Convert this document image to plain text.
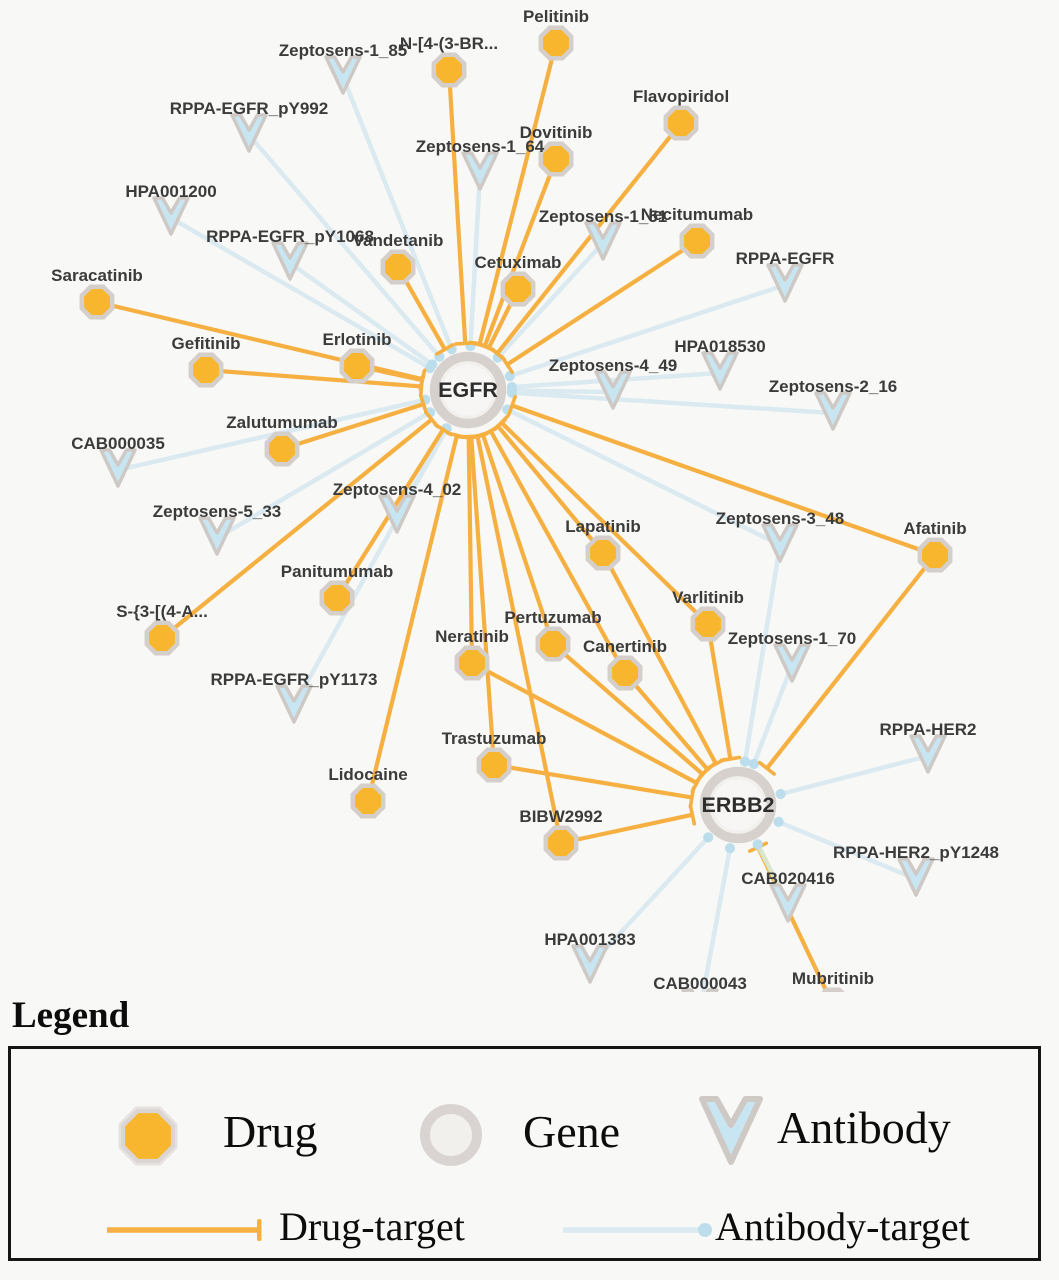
EGFR
ERBB2
N-[4-(3-BR...
Pelitinib
Flavopiridol
Dovitinib
Necitumumab
Vandetanib
Cetuximab
Saracatinib
Gefitinib	Erlotinib
Zalutumumab
Panitumumab
S-{3-[(4-A...
Lapatinib	Afatinib
Varlitinib
Pertuzumab
Neratinib
Canertinib
Trastuzumab
Lidocaine
BIBW2992
Mubritinib
Zeptosens-1_85
RPPA-EGFR_pY992
HPA001200
RPPA-EGFR_pY1068
Zeptosens-1_64
Zeptosens-1_51
RPPA-EGFR
HPA018530
Zeptosens-2_16
Zeptosens-4_49
CAB000035
Zeptosens-5_33
Zeptosens-4_02
RPPA-EGFR_pY1173
Zeptosens-3_48
Zeptosens-1_70
RPPA-HER2
RPPA-HER2_pY1248
CAB020416
HPA001383
CAB000043
Legend
Drug	Gene	Antibody
Drug-target	Antibody-target
